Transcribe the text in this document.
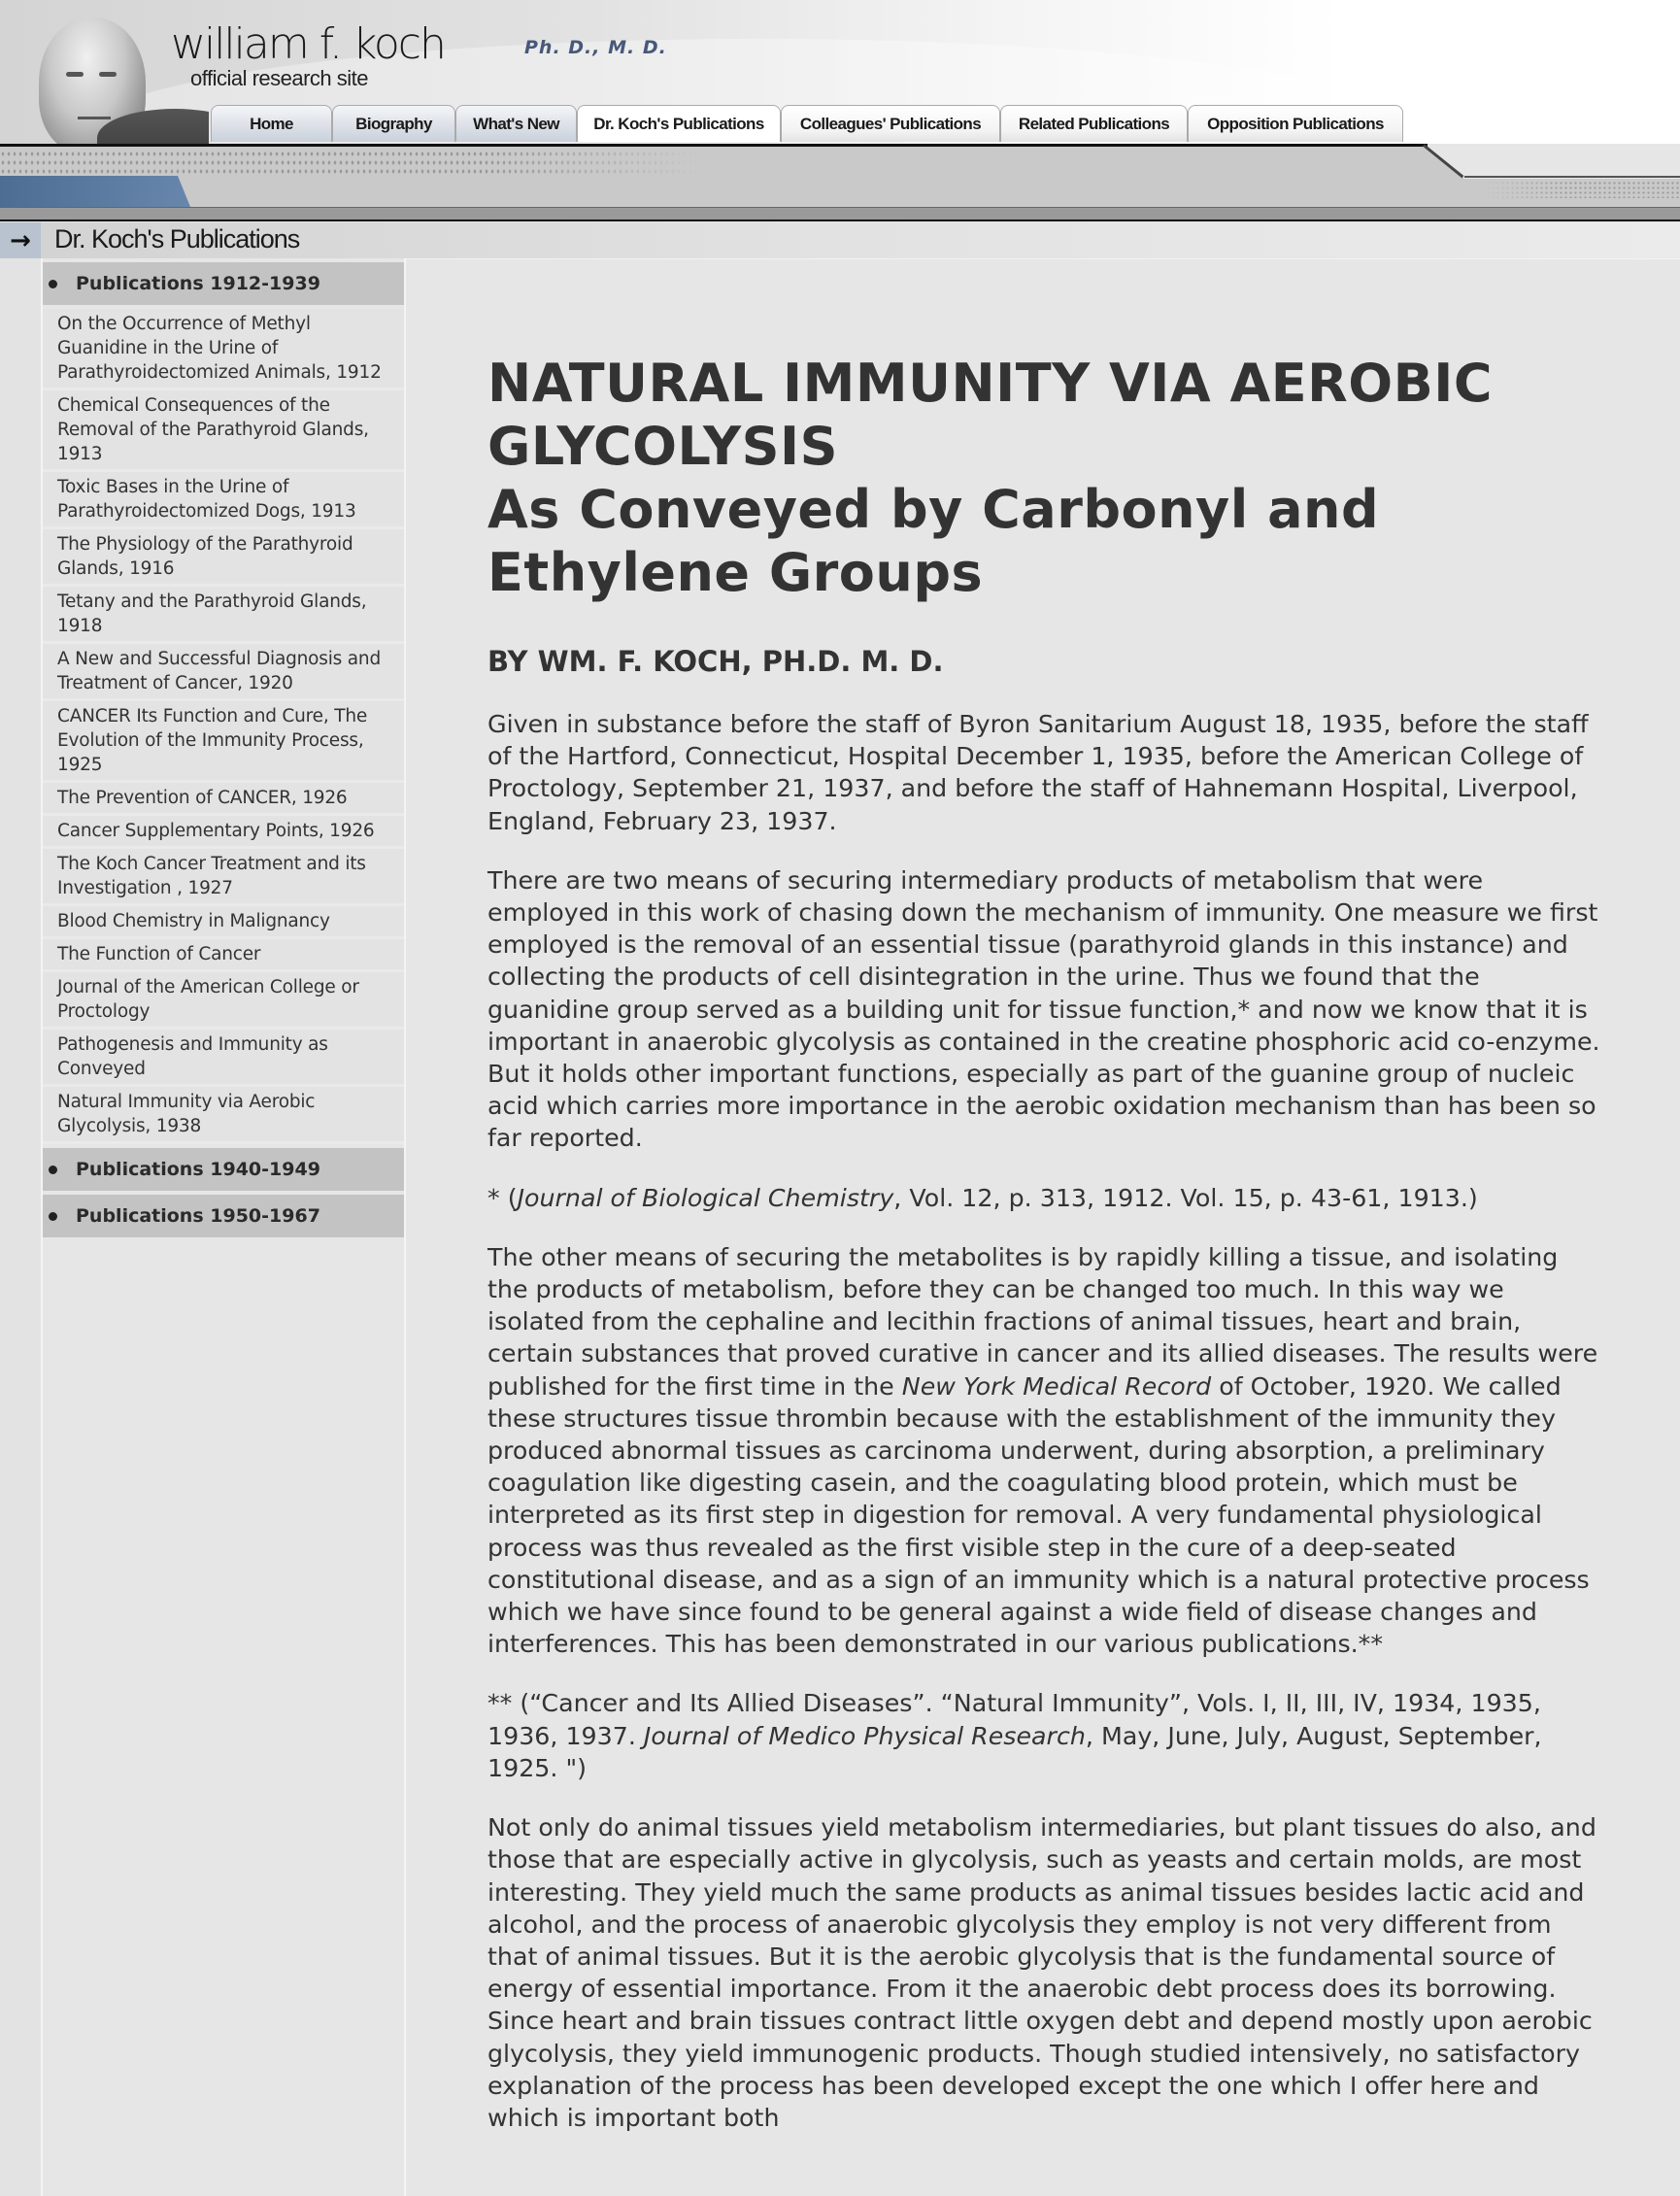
william f. koch	Ph. D., M. D.
official research site
Home	Biography	What's New	Dr. Koch's Publications	Colleagues' Publications	Related Publications	Opposition Publications
→ Dr. Koch's Publications
Publications 1912-1939
On the Occurrence of Methyl Guanidine in the Urine of Parathyroidectomized Animals, 1912
Chemical Consequences of the Removal of the Parathyroid Glands, 1913
Toxic Bases in the Urine of Parathyroidectomized Dogs, 1913
The Physiology of the Parathyroid Glands, 1916
Tetany and the Parathyroid Glands, 1918
A New and Successful Diagnosis and Treatment of Cancer, 1920
CANCER Its Function and Cure, The Evolution of the Immunity Process, 1925
The Prevention of CANCER, 1926
Cancer Supplementary Points, 1926
The Koch Cancer Treatment and its Investigation , 1927
Blood Chemistry in Malignancy
The Function of Cancer
Journal of the American College or Proctology
Pathogenesis and Immunity as Conveyed
Natural Immunity via Aerobic Glycolysis, 1938
Publications 1940-1949
Publications 1950-1967
NATURAL IMMUNITY VIA AEROBIC GLYCOLYSIS
As Conveyed by Carbonyl and Ethylene Groups

BY WM. F. KOCH, PH.D. M. D.

Given in substance before the staff of Byron Sanitarium August 18, 1935, before the staff of the Hartford, Connecticut, Hospital December 1, 1935, before the American College of Proctology, September 21, 1937, and before the staff of Hahnemann Hospital, Liverpool, England, February 23, 1937.

There are two means of securing intermediary products of metabolism that were employed in this work of chasing down the mechanism of immunity. One measure we first employed is the removal of an essential tissue (parathyroid glands in this instance) and collecting the products of cell disintegration in the urine. Thus we found that the guanidine group served as a building unit for tissue function,* and now we know that it is important in anaerobic glycolysis as contained in the creatine phosphoric acid co-enzyme. But it holds other important functions, especially as part of the guanine group of nucleic acid which carries more importance in the aerobic oxidation mechanism than has been so far reported.

* (Journal of Biological Chemistry, Vol. 12, p. 313, 1912. Vol. 15, p. 43-61, 1913.)

The other means of securing the metabolites is by rapidly killing a tissue, and isolating the products of metabolism, before they can be changed too much. In this way we isolated from the cephaline and lecithin fractions of animal tissues, heart and brain, certain substances that proved curative in cancer and its allied diseases. The results were published for the first time in the New York Medical Record of October, 1920. We called these structures tissue thrombin because with the establishment of the immunity they produced abnormal tissues as carcinoma underwent, during absorption, a preliminary coagulation like digesting casein, and the coagulating blood protein, which must be interpreted as its first step in digestion for removal. A very fundamental physiological process was thus revealed as the first visible step in the cure of a deep-seated constitutional disease, and as a sign of an immunity which is a natural protective process which we have since found to be general against a wide field of disease changes and interferences. This has been demonstrated in our various publications.**

** (“Cancer and Its Allied Diseases”. “Natural Immunity”, Vols. I, II, III, IV, 1934, 1935, 1936, 1937. Journal of Medico Physical Research, May, June, July, August, September, 1925. ")

Not only do animal tissues yield metabolism intermediaries, but plant tissues do also, and those that are especially active in glycolysis, such as yeasts and certain molds, are most interesting. They yield much the same products as animal tissues besides lactic acid and alcohol, and the process of anaerobic glycolysis they employ is not very different from that of animal tissues. But it is the aerobic glycolysis that is the fundamental source of energy of essential importance. From it the anaerobic debt process does its borrowing. Since heart and brain tissues contract little oxygen debt and depend mostly upon aerobic glycolysis, they yield immunogenic products. Though studied intensively, no satisfactory explanation of the process has been developed except the one which I offer here and which is important both
